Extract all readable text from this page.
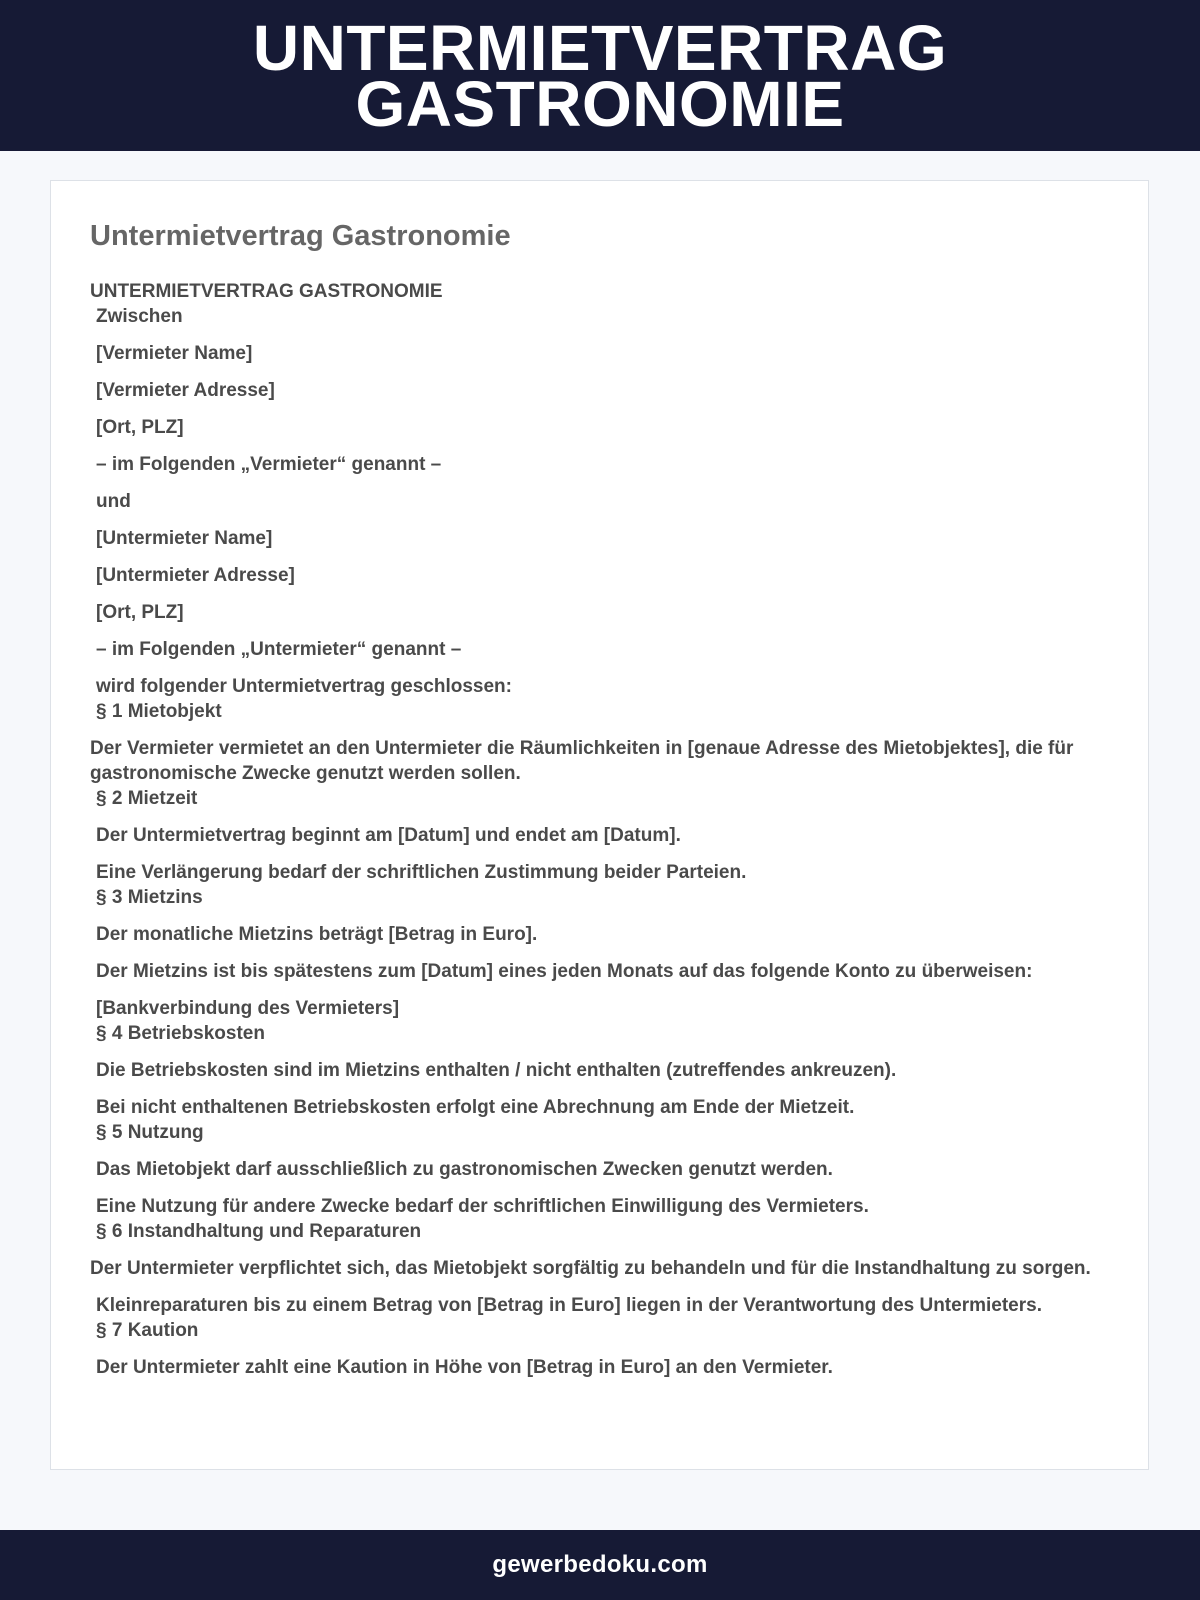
UNTERMIETVERTRAG
GASTRONOMIE
Untermietvertrag Gastronomie

UNTERMIETVERTRAG GASTRONOMIE

Zwischen

[Vermieter Name]

[Vermieter Adresse]

[Ort, PLZ]

– im Folgenden „Vermieter“ genannt –

und

[Untermieter Name]

[Untermieter Adresse]

[Ort, PLZ]

– im Folgenden „Untermieter“ genannt –

wird folgender Untermietvertrag geschlossen:

§ 1 Mietobjekt

Der Vermieter vermietet an den Untermieter die Räumlichkeiten in [genaue Adresse des Mietobjektes], die für gastronomische Zwecke genutzt werden sollen.

§ 2 Mietzeit

Der Untermietvertrag beginnt am [Datum] und endet am [Datum].

Eine Verlängerung bedarf der schriftlichen Zustimmung beider Parteien.

§ 3 Mietzins

Der monatliche Mietzins beträgt [Betrag in Euro].

Der Mietzins ist bis spätestens zum [Datum] eines jeden Monats auf das folgende Konto zu überweisen:

[Bankverbindung des Vermieters]

§ 4 Betriebskosten

Die Betriebskosten sind im Mietzins enthalten / nicht enthalten (zutreffendes ankreuzen).

Bei nicht enthaltenen Betriebskosten erfolgt eine Abrechnung am Ende der Mietzeit.

§ 5 Nutzung

Das Mietobjekt darf ausschließlich zu gastronomischen Zwecken genutzt werden.

Eine Nutzung für andere Zwecke bedarf der schriftlichen Einwilligung des Vermieters.

§ 6 Instandhaltung und Reparaturen

Der Untermieter verpflichtet sich, das Mietobjekt sorgfältig zu behandeln und für die Instandhaltung zu sorgen.

Kleinreparaturen bis zu einem Betrag von [Betrag in Euro] liegen in der Verantwortung des Untermieters.

§ 7 Kaution

Der Untermieter zahlt eine Kaution in Höhe von [Betrag in Euro] an den Vermieter.

gewerbedoku.com
